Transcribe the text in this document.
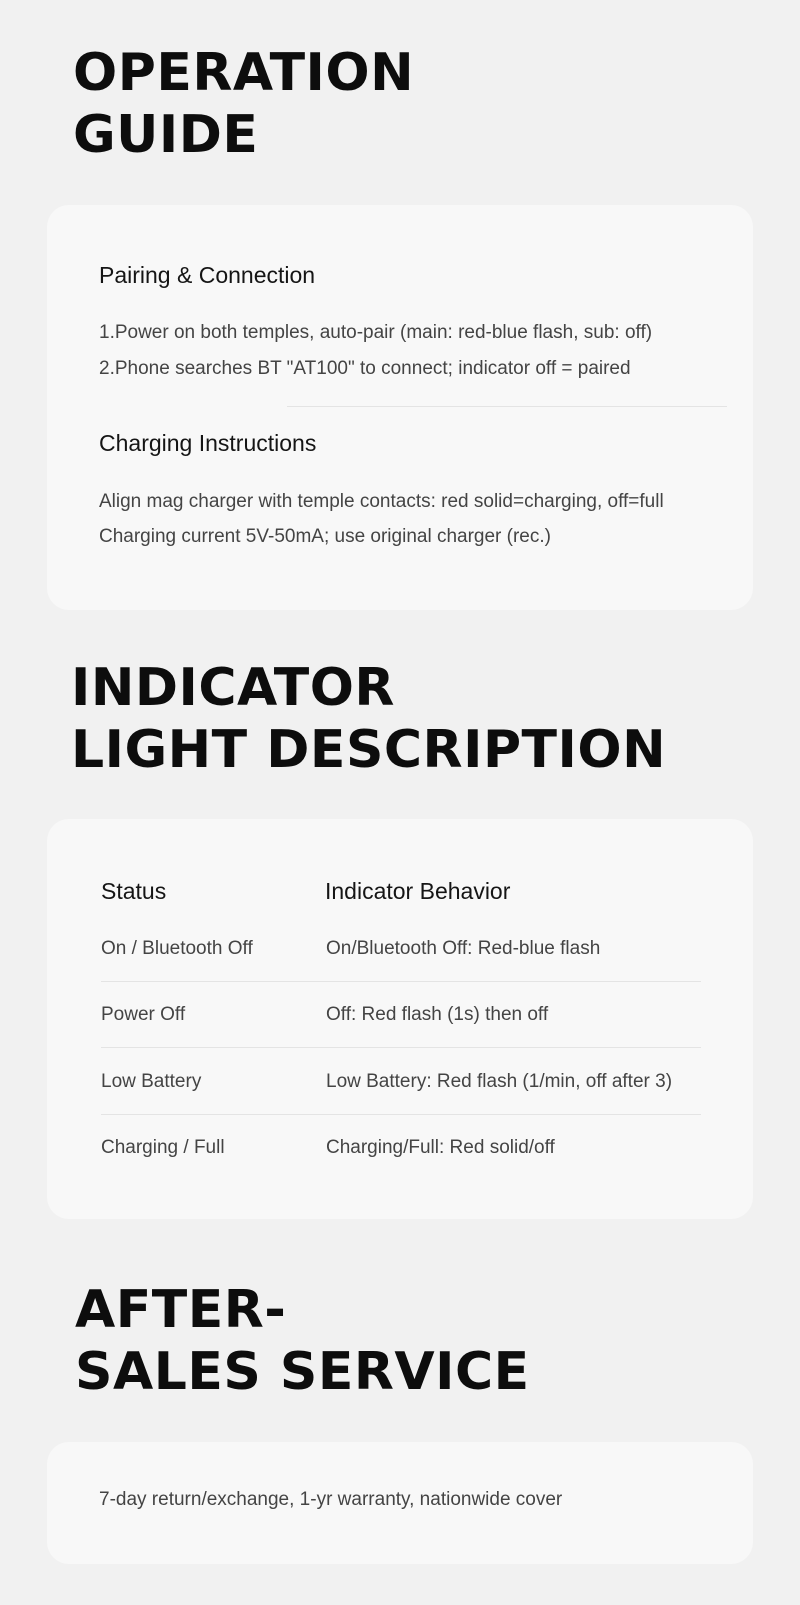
OPERATION
GUIDE
Pairing & Connection

1.Power on both temples, auto-pair (main: red-blue flash, sub: off)

2.Phone searches BT "AT100" to connect; indicator off = paired

Charging Instructions

Align mag charger with temple contacts: red solid=charging, off=full

Charging current 5V-50mA; use original charger (rec.)

INDICATOR
LIGHT DESCRIPTION
Status	Indicator Behavior
On / Bluetooth Off	On/Bluetooth Off: Red-blue flash
Power Off	Off: Red flash (1s) then off
Low Battery	Low Battery: Red flash (1/min, off after 3)
Charging / Full	Charging/Full: Red solid/off
AFTER-
SALES SERVICE

7-day return/exchange, 1-yr warranty, nationwide cover
